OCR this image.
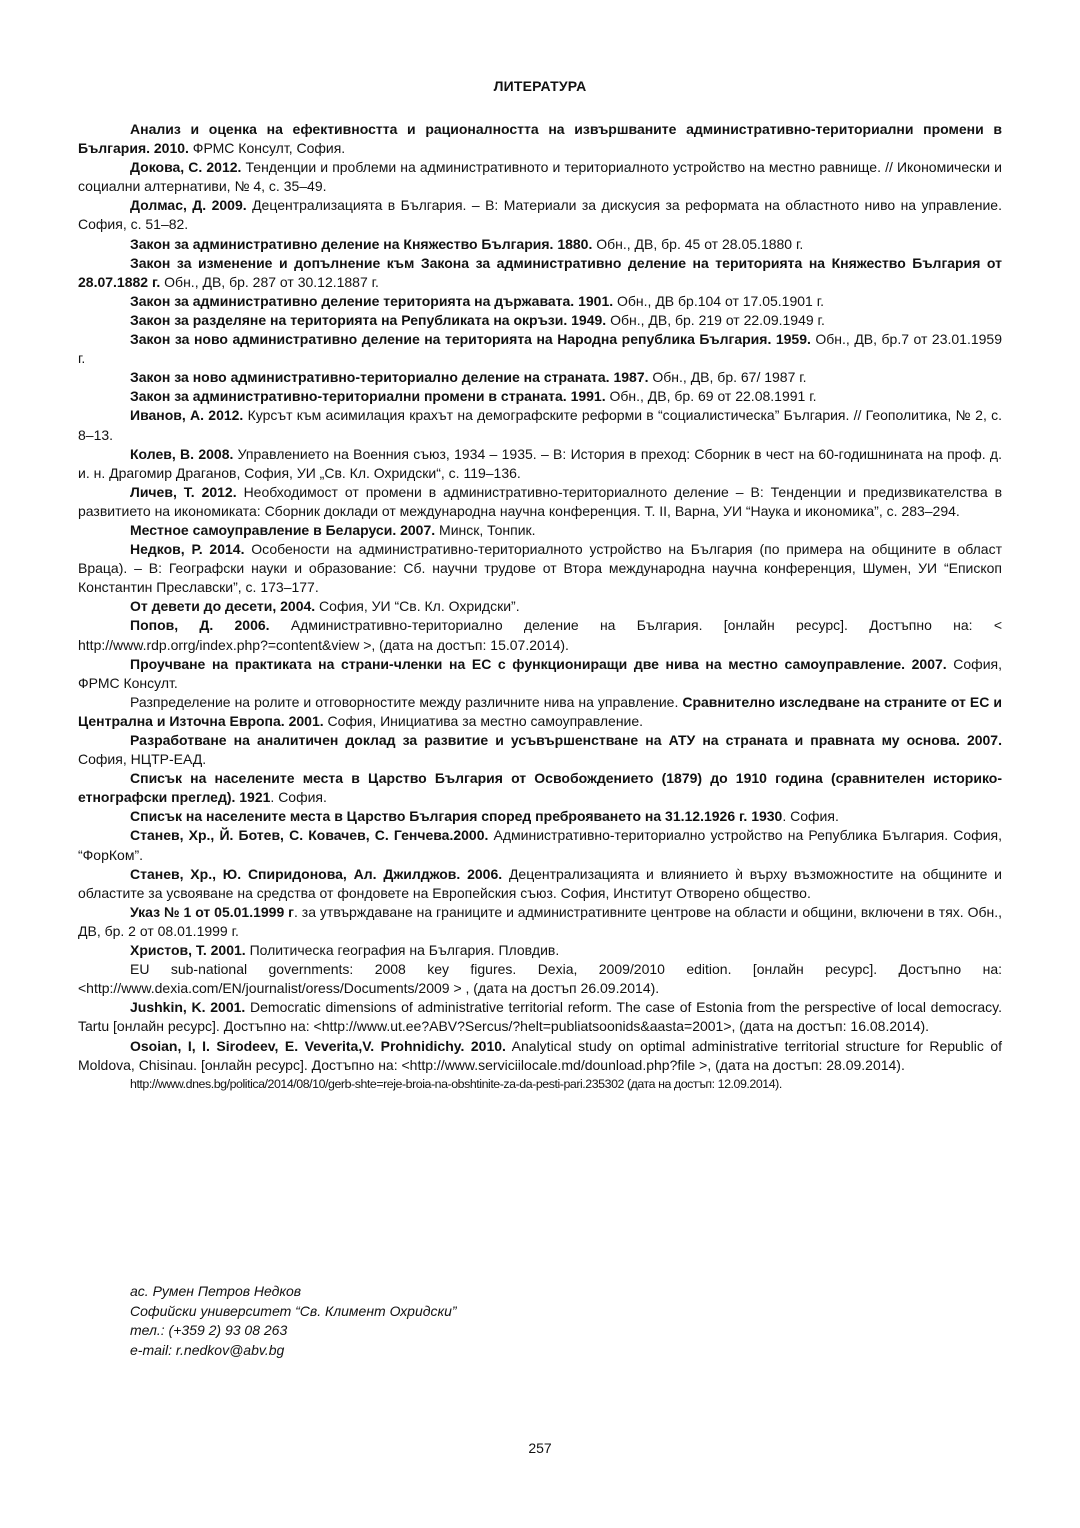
ЛИТЕРАТУРА

Анализ и оценка на ефективността и рационалността на извършваните административно-териториални промени в България. 2010. ФРМС Консулт, София.

Докова, С. 2012. Тенденции и проблеми на административното и териториалното устройство на местно равнище. // Икономически и социални алтернативи, № 4, с. 35–49.

Долмас, Д. 2009. Децентрализацията в България. – В: Материали за дискусия за реформата на областното ниво на управление. София, с. 51–82.

Закон за административно деление на Княжество България. 1880. Обн., ДВ, бр. 45 от 28.05.1880 г.

Закон за изменение и допълнение към Закона за административно деление на територията на Княжество България от 28.07.1882 г. Обн., ДВ, бр. 287 от 30.12.1887 г.

Закон за административно деление територията на държавата. 1901. Обн., ДВ бр.104 от 17.05.1901 г.

Закон за разделяне на територията на Републиката на окръзи. 1949. Обн., ДВ, бр. 219 от 22.09.1949 г.

Закон за ново административно деление на територията на Народна република България. 1959. Обн., ДВ, бр.7 от 23.01.1959 г.

Закон за ново административно-териториално деление на страната. 1987. Обн., ДВ, бр. 67/ 1987 г.

Закон за административно-териториални промени в страната. 1991. Обн., ДВ, бр. 69 от 22.08.1991 г.

Иванов, А. 2012. Курсът към асимилация крахът на демографските реформи в “социалистическа” България. // Геополитика, № 2, с. 8–13.

Колев, В. 2008. Управлението на Военния съюз, 1934 – 1935. – В: История в преход: Сборник в чест на 60-годишнината на проф. д. и. н. Драгомир Драганов, София, УИ „Св. Кл. Охридски“, с. 119–136.

Личев, Т. 2012. Необходимост от промени в административно-териториалното деление – В: Тенденции и предизвикателства в развитието на икономиката: Сборник доклади от международна научна конференция. Т. II, Варна, УИ “Наука и икономика”, с. 283–294.

Местное самоуправление в Беларуси. 2007. Минск, Тонпик.

Недков, Р. 2014. Особености на административно-териториалното устройство на България (по примера на общините в област Враца). – В: Географски науки и образование: Сб. научни трудове от Втора международна научна конференция, Шумен, УИ “Епископ Константин Преславски”, с. 173–177.

От девети до десети, 2004. София, УИ “Св. Кл. Охридски”.

Попов, Д. 2006. Административно-териториално деление на България. [онлайн ресурс]. Достъпно на: < http://www.rdp.orrg/index.php?=content&view >, (дата на достъп: 15.07.2014).

Проучване на практиката на страни-членки на ЕС с функциониращи две нива на местно самоуправление. 2007. София, ФРМС Консулт.

Разпределение на ролите и отговорностите между различните нива на управление. Сравнително изследване на страните от ЕС и Централна и Източна Европа. 2001. София, Инициатива за местно самоуправление.

Разработване на аналитичен доклад за развитие и усъвършенстване на АТУ на страната и правната му основа. 2007. София, НЦТР-ЕАД.

Списък на населените места в Царство България от Освобождението (1879) до 1910 година (сравнителен историко-етнографски преглед). 1921. София.

Списък на населените места в Царство България според преброяването на 31.12.1926 г. 1930. София.

Станев, Хр., Й. Ботев, С. Ковачев, С. Генчева.2000. Административно-териториално устройство на Република България. София, “ФорКом”.

Станев, Хр., Ю. Спиридонова, Ал. Джилджов. 2006. Децентрализацията и влиянието ѝ върху възможностите на общините и областите за усвояване на средства от фондовете на Европейския съюз. София, Институт Отворено общество.

Указ № 1 от 05.01.1999 г. за утвърждаване на границите и административните центрове на области и общини, включени в тях. Обн., ДВ, бр. 2 от 08.01.1999 г.

Христов, Т. 2001. Политическа география на България. Пловдив.

EU sub-national governments: 2008 key figures. Dexia, 2009/2010 edition. [онлайн ресурс]. Достъпно на: <http://www.dexia.com/EN/journalist/oress/Documents/2009 > , (дата на достъп 26.09.2014).

Jushkin, K. 2001. Democratic dimensions of administrative territorial reform. The case of Estonia from the perspective of local democracy. Tartu [онлайн ресурс]. Достъпно на: <http://www.ut.ee?ABV?Sercus/?helt=publiatsoonids&aasta=2001>, (дата на достъп: 16.08.2014).

Osoian, I, I. Sirodeev, E. Veverita,V. Prohnidichy. 2010. Analytical study on optimal administrative territorial structure for Republic of Moldova, Chisinau. [онлайн ресурс]. Достъпно на: <http://www.serviciilocale.md/dounload.php?file >, (дата на достъп: 28.09.2014).

http://www.dnes.bg/politica/2014/08/10/gerb-shte=reje-broia-na-obshtinite-za-da-pesti-pari.235302 (дата на достъп: 12.09.2014).

ас. Румен Петров Недков
Софийски университет “Св. Климент Охридски”
тел.: (+359 2) 93 08 263
e-mail: r.nedkov@abv.bg
257
